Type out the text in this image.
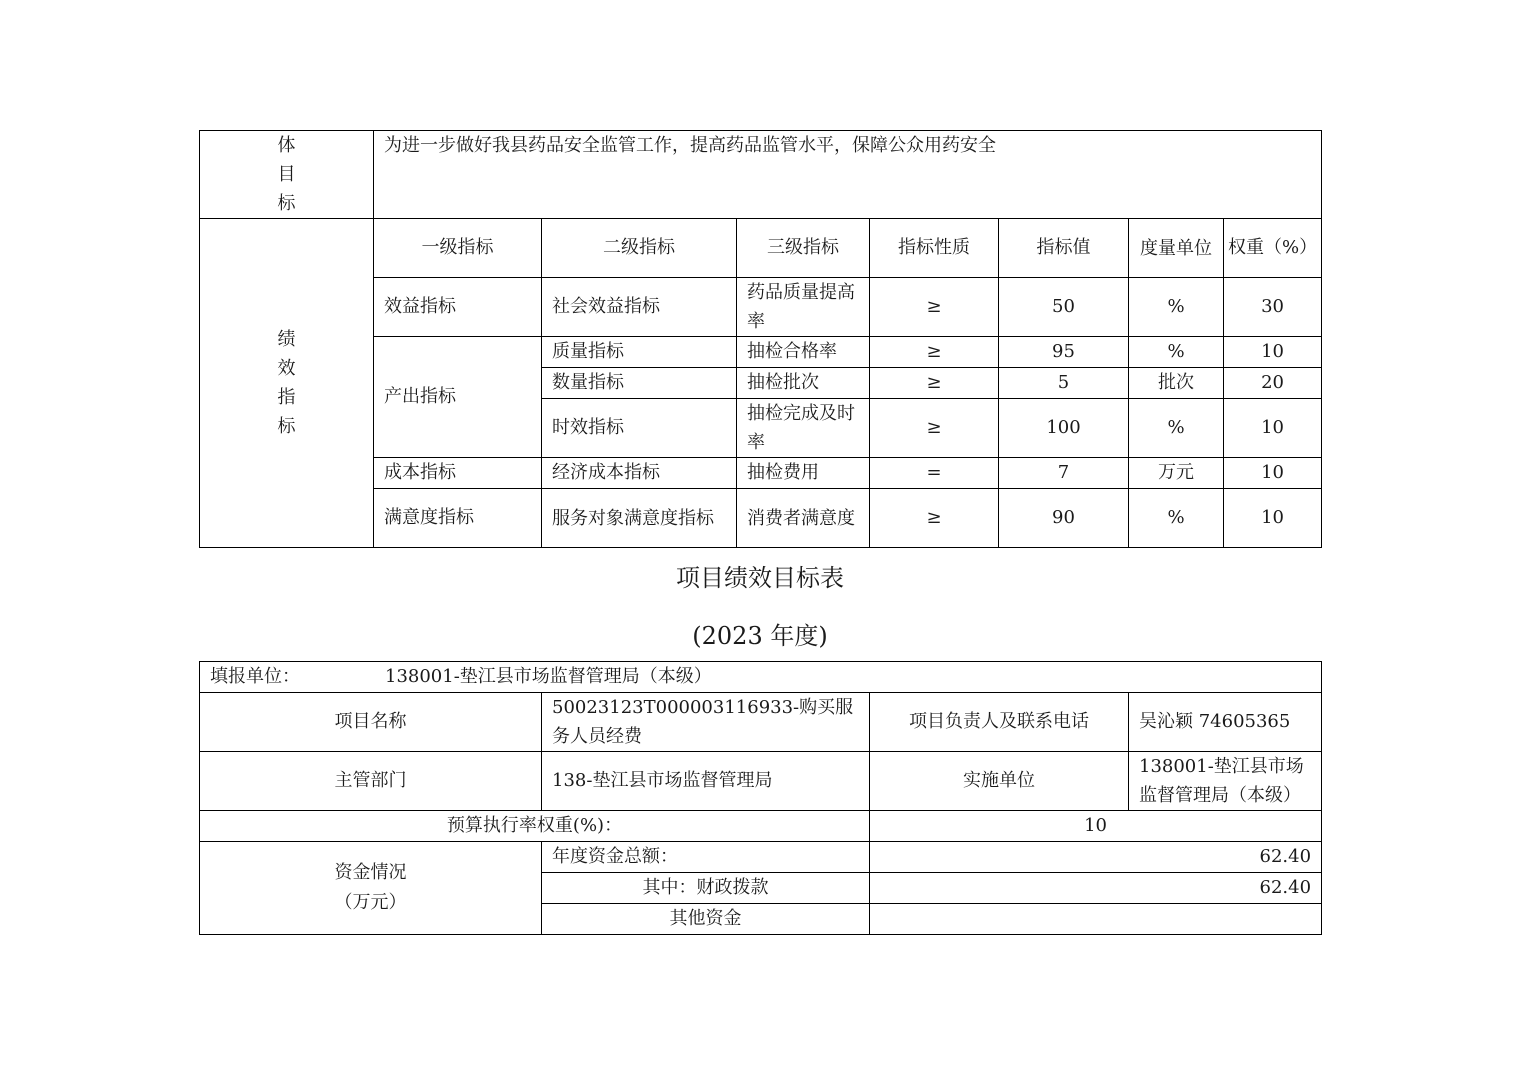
体
目
标	为进一步做好我县药品安全监管工作，提高药品监管水平，保障公众用药安全						

绩
效
指
标	一级指标	二级指标	三级指标	指标性质	指标值	度量单位	权重（%）
	效益指标	社会效益指标	药品质量提高率	≥	50	%	30
	产出指标	质量指标	抽检合格率	≥	95	%	10
		数量指标	抽检批次	≥	5	批次	20
		时效指标	抽检完成及时率	≥	100	%	10
	成本指标	经济成本指标	抽检费用	=	7	万元	10
	满意度指标	服务对象满意度指标	消费者满意度	≥	90	%	10
项目绩效目标表
(2023 年度)
填报单位： 138001-垫江县市场监督管理局（本级）			
项目名称	50023123T000003116933-购买服务人员经费	项目负责人及联系电话	吴沁颖 74605365
主管部门	138-垫江县市场监督管理局	实施单位	138001-垫江县市场监督管理局（本级）
预算执行率权重(%)：		10	

资金情况
（万元）	年度资金总额：	62.40	
	其中：财政拨款	62.40	
	其他资金		
